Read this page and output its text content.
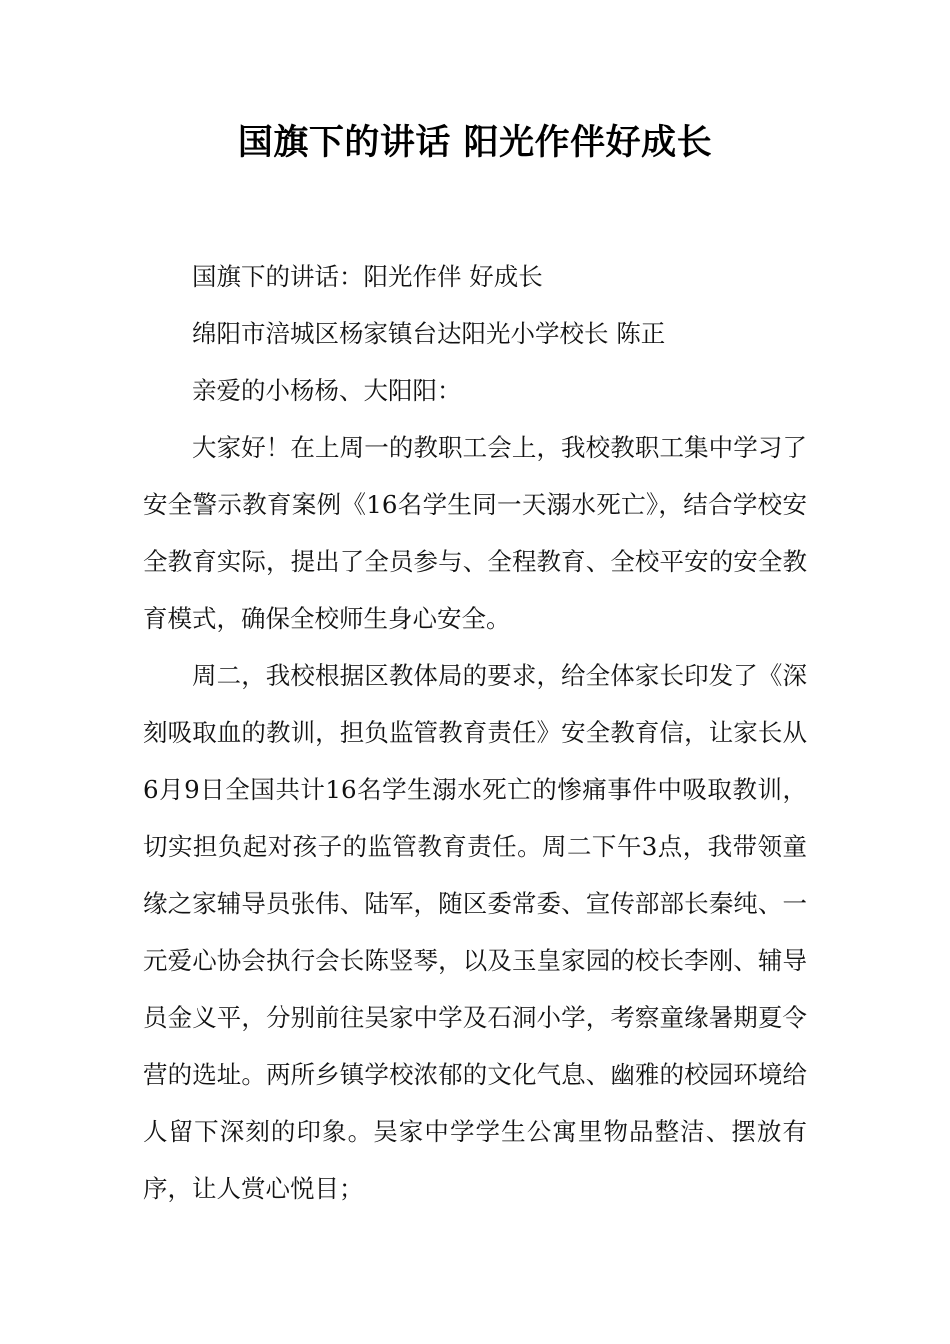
国旗下的讲话 阳光作伴好成长

国旗下的讲话：阳光作伴 好成长

绵阳市涪城区杨家镇台达阳光小学校长 陈正

亲爱的小杨杨、大阳阳：

大家好！在上周一的教职工会上，我校教职工集中学习了安全警示教育案例《16名学生同一天溺水死亡》，结合学校安全教育实际，提出了全员参与、全程教育、全校平安的安全教育模式，确保全校师生身心安全。

周二，我校根据区教体局的要求，给全体家长印发了《深刻吸取血的教训，担负监管教育责任》安全教育信，让家长从6月9日全国共计16名学生溺水死亡的惨痛事件中吸取教训，切实担负起对孩子的监管教育责任。周二下午3点，我带领童缘之家辅导员张伟、陆军，随区委常委、宣传部部长秦纯、一元爱心协会执行会长陈竖琴，以及玉皇家园的校长李刚、辅导员金义平，分别前往吴家中学及石洞小学，考察童缘暑期夏令营的选址。两所乡镇学校浓郁的文化气息、幽雅的校园环境给人留下深刻的印象。吴家中学学生公寓里物品整洁、摆放有序，让人赏心悦目；
